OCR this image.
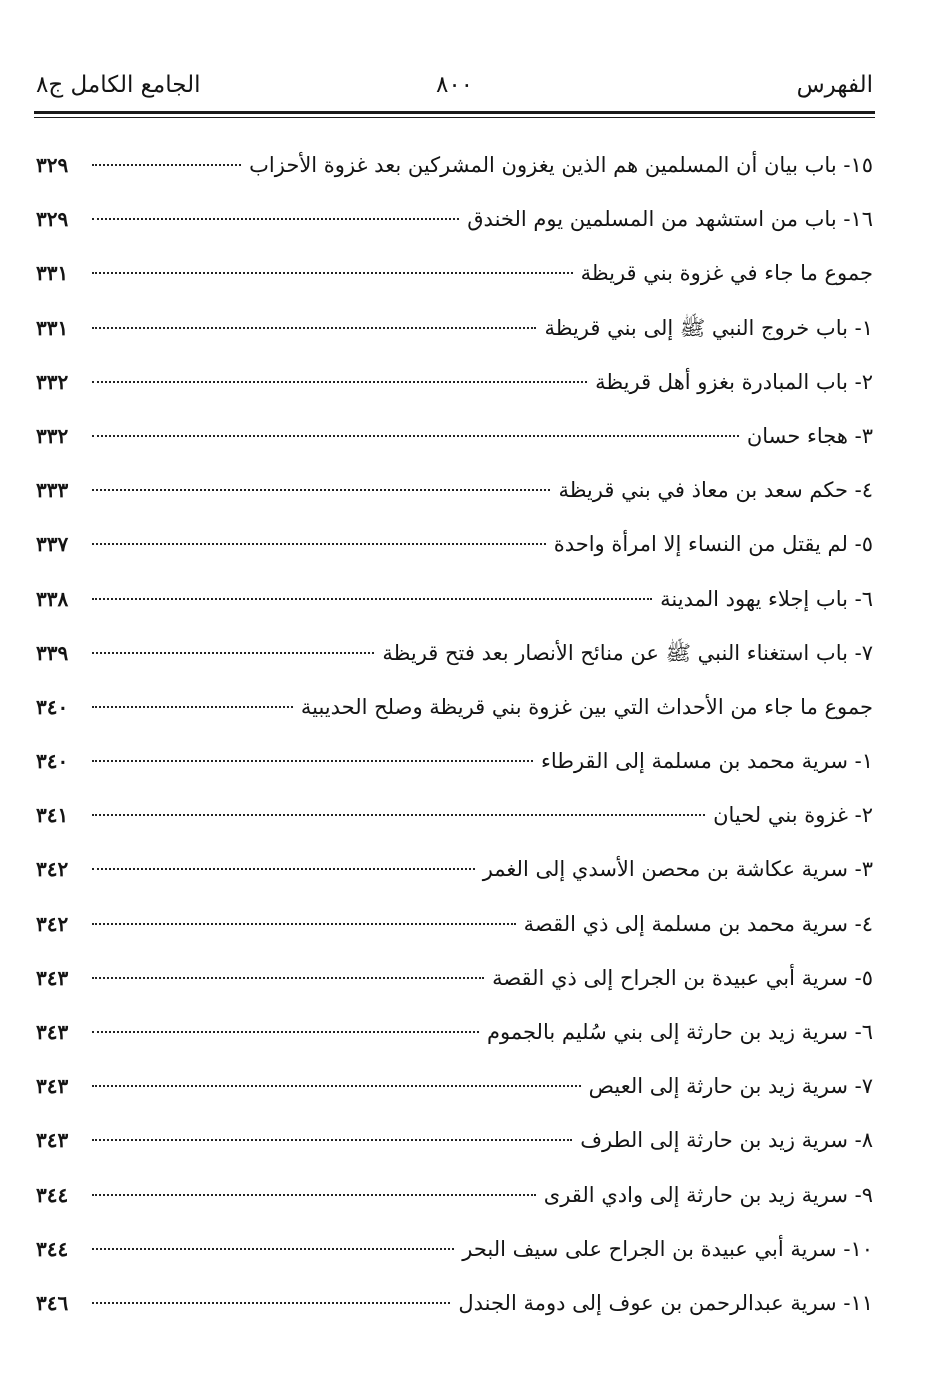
الفهرس
٨٠٠
الجامع الكامل ج٨
١٥- باب بيان أن المسلمين هم الذين يغزون المشركين بعد غزوة الأحزاب
٣٢٩
١٦- باب من استشهد من المسلمين يوم الخندق
٣٢٩
جموع ما جاء في غزوة بني قريظة
٣٣١
١- باب خروج النبي ﷺ إلى بني قريظة
٣٣١
٢- باب المبادرة بغزو أهل قريظة
٣٣٢
٣- هجاء حسان
٣٣٢
٤- حكم سعد بن معاذ في بني قريظة
٣٣٣
٥- لم يقتل من النساء إلا امرأة واحدة
٣٣٧
٦- باب إجلاء يهود المدينة
٣٣٨
٧- باب استغناء النبي ﷺ عن منائح الأنصار بعد فتح قريظة
٣٣٩
جموع ما جاء من الأحداث التي بين غزوة بني قريظة وصلح الحديبية
٣٤٠
١- سرية محمد بن مسلمة إلى القرطاء
٣٤٠
٢- غزوة بني لحيان
٣٤١
٣- سرية عكاشة بن محصن الأسدي إلى الغمر
٣٤٢
٤- سرية محمد بن مسلمة إلى ذي القصة
٣٤٢
٥- سرية أبي عبيدة بن الجراح إلى ذي القصة
٣٤٣
٦- سرية زيد بن حارثة إلى بني سُليم بالجموم
٣٤٣
٧- سرية زيد بن حارثة إلى العيص
٣٤٣
٨- سرية زيد بن حارثة إلى الطرف
٣٤٣
٩- سرية زيد بن حارثة إلى وادي القرى
٣٤٤
١٠- سرية أبي عبيدة بن الجراح على سيف البحر
٣٤٤
١١- سرية عبدالرحمن بن عوف إلى دومة الجندل
٣٤٦
